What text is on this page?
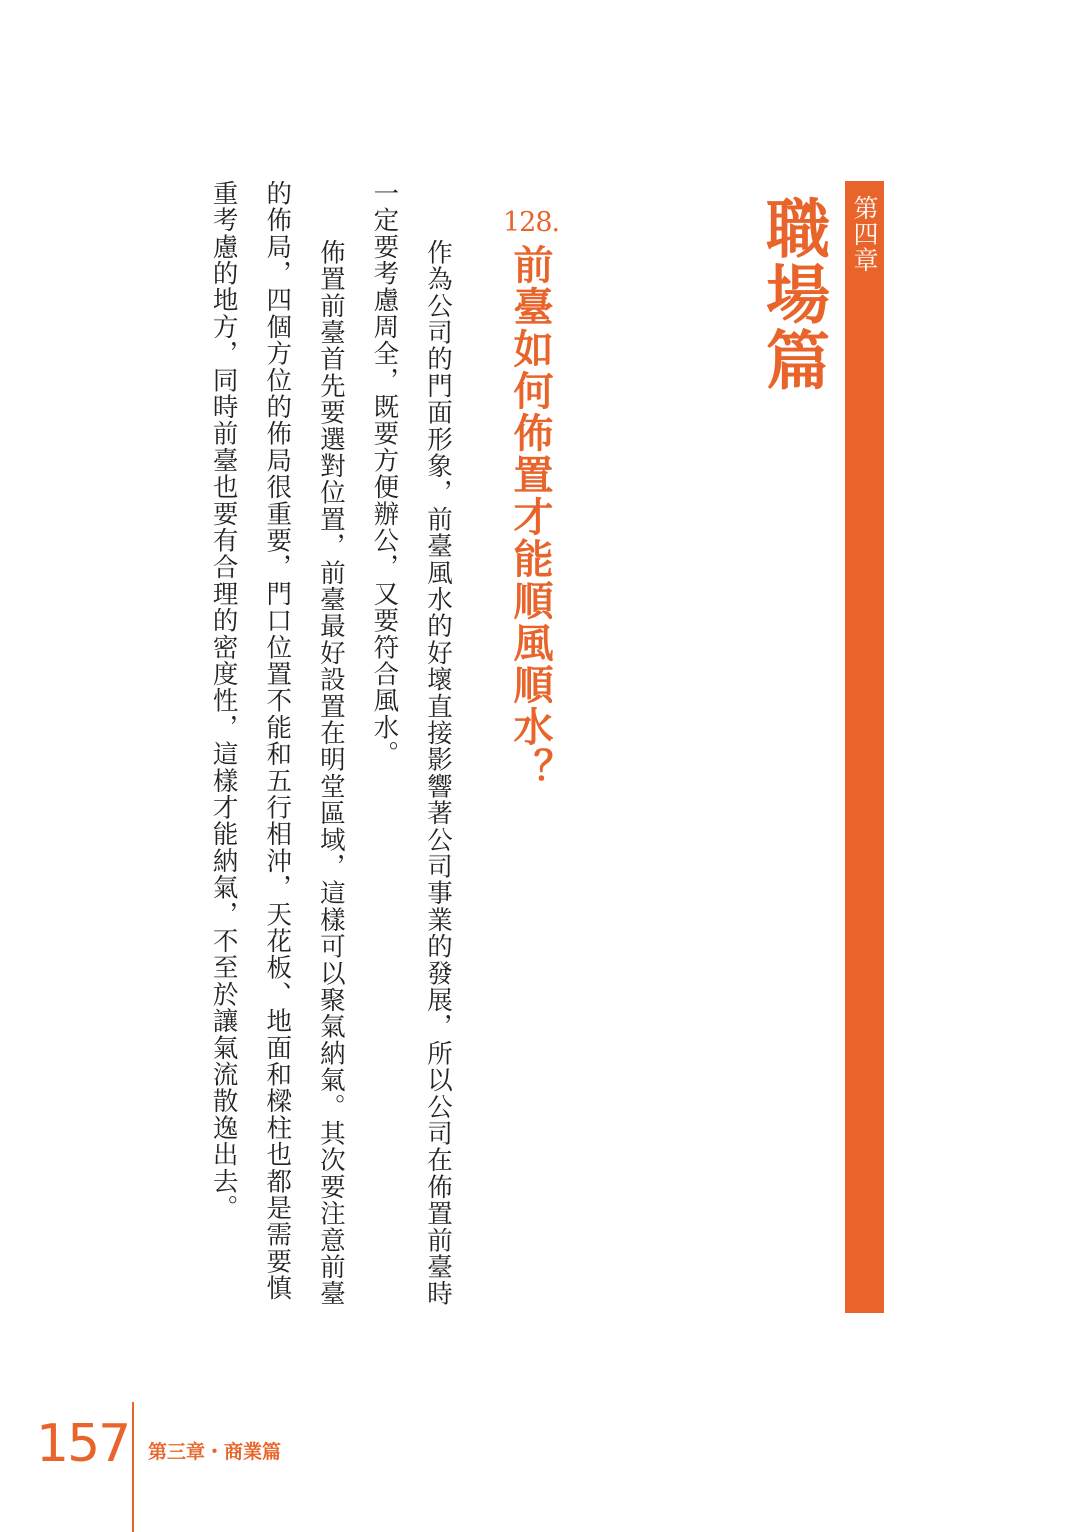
第四章
職場篇
128.
前臺如何佈置才能順風順水？

作為公司的門面形象，前臺風水的好壞直接影響著公司事業的發展，所以公司在佈置前臺時一定要考慮周全，既要方便辦公，又要符合風水。

佈置前臺首先要選對位置，前臺最好設置在明堂區域，這樣可以聚氣納氣。其次要注意前臺的佈局，四個方位的佈局很重要，門口位置不能和五行相沖，天花板、地面和樑柱也都是需要慎重考慮的地方，同時前臺也要有合理的密度性，這樣才能納氣，不至於讓氣流散逸出去。

157 第三章・商業篇
